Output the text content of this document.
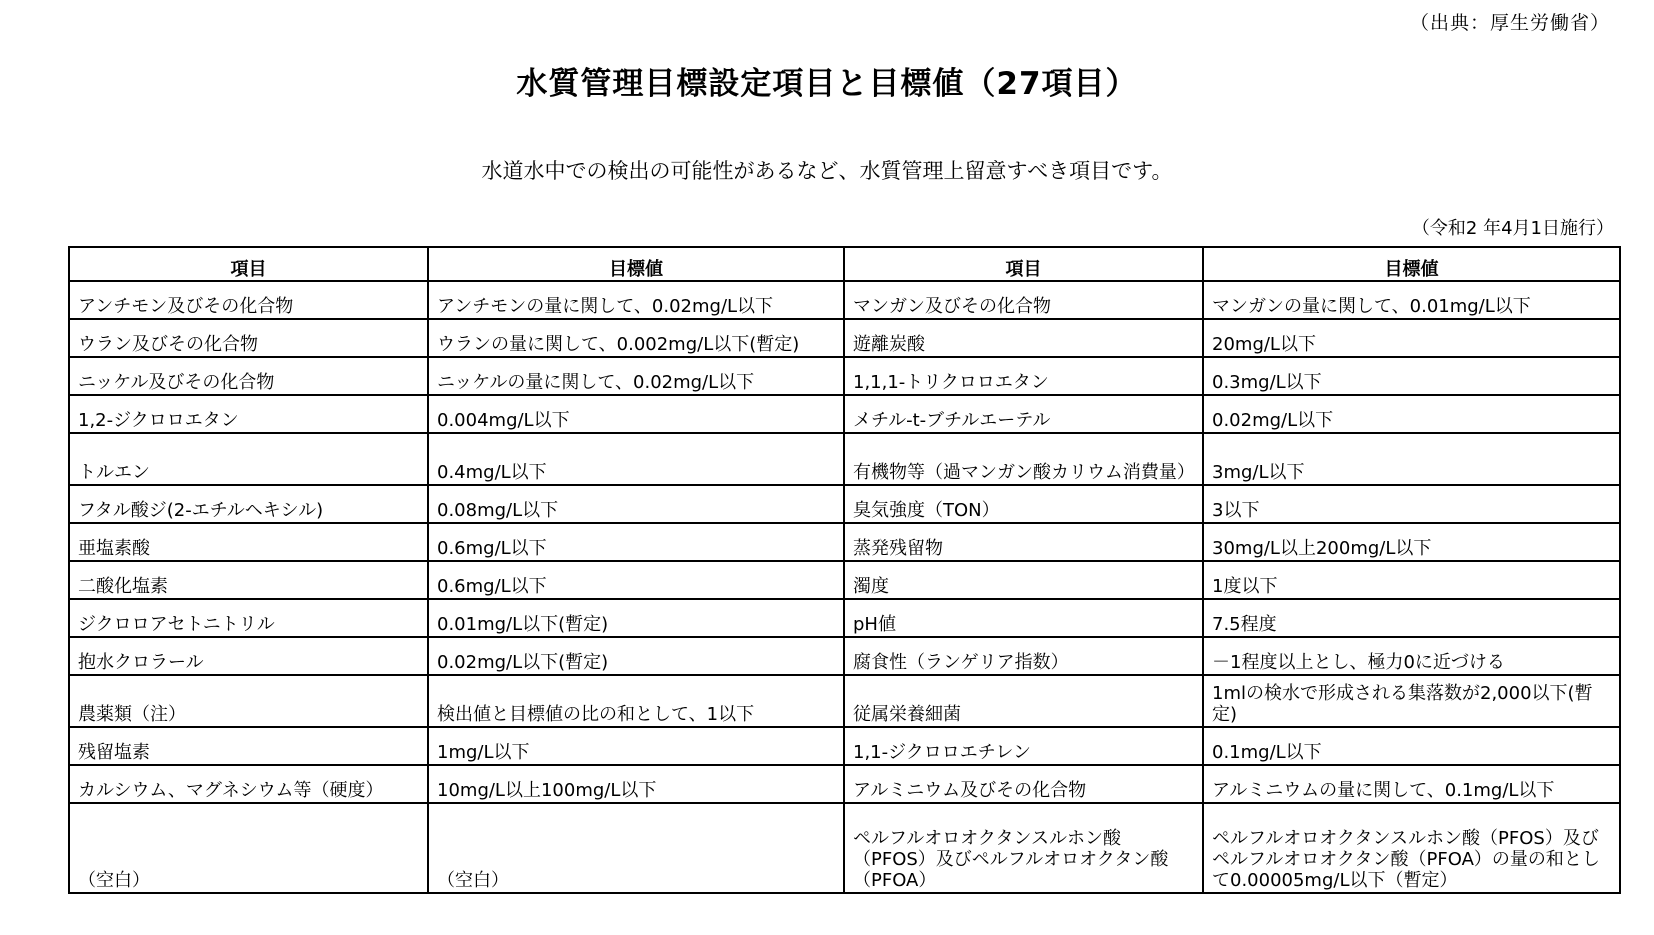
（出典：厚生労働省）
水質管理目標設定項目と目標値（27項目）
水道水中での検出の可能性があるなど、水質管理上留意すべき項目です。
（令和2 年4月1日施行）
項目	目標値	項目	目標値
アンチモン及びその化合物	アンチモンの量に関して、0.02mg/L以下	マンガン及びその化合物	マンガンの量に関して、0.01mg/L以下
ウラン及びその化合物	ウランの量に関して、0.002mg/L以下(暫定)	遊離炭酸	20mg/L以下
ニッケル及びその化合物	ニッケルの量に関して、0.02mg/L以下	1,1,1-トリクロロエタン	0.3mg/L以下
1,2-ジクロロエタン	0.004mg/L以下	メチル-t-ブチルエーテル	0.02mg/L以下
トルエン	0.4mg/L以下	有機物等（過マンガン酸カリウム消費量）	3mg/L以下
フタル酸ジ(2-エチルヘキシル)	0.08mg/L以下	臭気強度（TON）	3以下
亜塩素酸	0.6mg/L以下	蒸発残留物	30mg/L以上200mg/L以下
二酸化塩素	0.6mg/L以下	濁度	1度以下
ジクロロアセトニトリル	0.01mg/L以下(暫定)	pH値	7.5程度
抱水クロラール	0.02mg/L以下(暫定)	腐食性（ランゲリア指数）	－1程度以上とし、極力0に近づける
農薬類（注）	検出値と目標値の比の和として、1以下	従属栄養細菌	1mlの検水で形成される集落数が2,000以下(暫定)
残留塩素	1mg/L以下	1,1-ジクロロエチレン	0.1mg/L以下
カルシウム、マグネシウム等（硬度）	10mg/L以上100mg/L以下	アルミニウム及びその化合物	アルミニウムの量に関して、0.1mg/L以下
（空白）	（空白）	ペルフルオロオクタンスルホン酸（PFOS）及びペルフルオロオクタン酸（PFOA）	ペルフルオロオクタンスルホン酸（PFOS）及びペルフルオロオクタン酸（PFOA）の量の和として0.00005mg/L以下（暫定）
